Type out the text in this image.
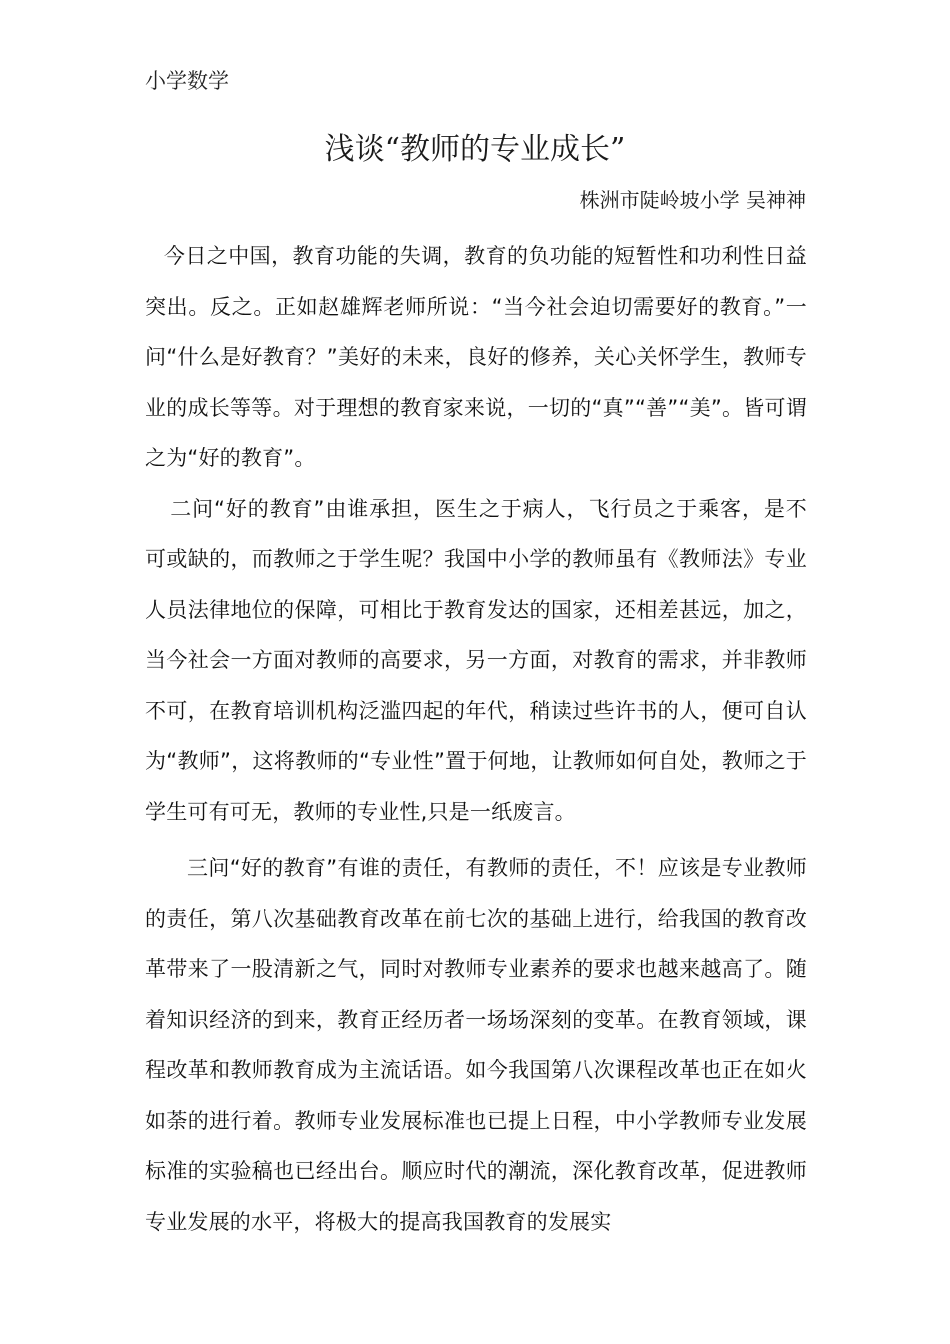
小学数学
浅谈“教师的专业成长”
株洲市陡岭坡小学 吴神神

今日之中国，教育功能的失调，教育的负功能的短暂性和功利性日益突出。反之。正如赵雄辉老师所说：“当今社会迫切需要好的教育。”一问“什么是好教育？”美好的未来，良好的修养，关心关怀学生，教师专业的成长等等。对于理想的教育家来说，一切的“真”“善”“美”。皆可谓之为“好的教育”。

二问“好的教育”由谁承担，医生之于病人，飞行员之于乘客，是不可或缺的，而教师之于学生呢？我国中小学的教师虽有《教师法》专业人员法律地位的保障，可相比于教育发达的国家，还相差甚远，加之，当今社会一方面对教师的高要求，另一方面，对教育的需求，并非教师不可，在教育培训机构泛滥四起的年代，稍读过些许书的人，便可自认为“教师”，这将教师的“专业性”置于何地，让教师如何自处，教师之于学生可有可无，教师的专业性,只是一纸废言。

三问“好的教育”有谁的责任，有教师的责任，不！应该是专业教师的责任，第八次基础教育改革在前七次的基础上进行，给我国的教育改革带来了一股清新之气，同时对教师专业素养的要求也越来越高了。随着知识经济的到来，教育正经历者一场场深刻的变革。在教育领域，课程改革和教师教育成为主流话语。如今我国第八次课程改革也正在如火如荼的进行着。教师专业发展标准也已提上日程，中小学教师专业发展标准的实验稿也已经出台。顺应时代的潮流，深化教育改革，促进教师专业发展的水平，将极大的提高我国教育的发展实
